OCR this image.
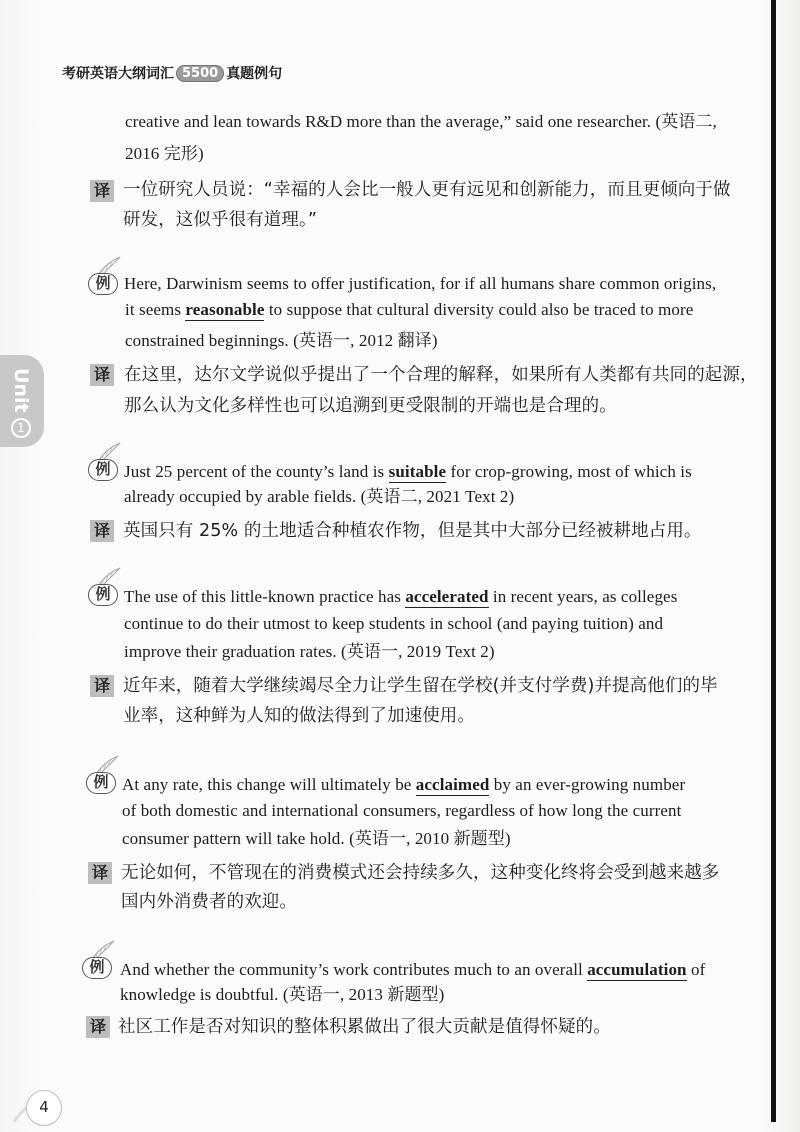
考研英语大纲词汇 5500 真题例句
Unit
1
creative and lean towards R&D more than the average,” said one researcher. (英语二,
2016 完形)
译 一位研究人员说：“幸福的人会比一般人更有远见和创新能力，而且更倾向于做
研发，这似乎很有道理。”
例 Here, Darwinism seems to offer justification, for if all humans share common origins,
it seems reasonable to suppose that cultural diversity could also be traced to more
constrained beginnings. (英语一, 2012 翻译)
译 在这里，达尔文学说似乎提出了一个合理的解释，如果所有人类都有共同的起源，
那么认为文化多样性也可以追溯到更受限制的开端也是合理的。
例 Just 25 percent of the county’s land is suitable for crop-growing, most of which is
already occupied by arable fields. (英语二, 2021 Text 2)
译 英国只有 25% 的土地适合种植农作物，但是其中大部分已经被耕地占用。
例 The use of this little-known practice has accelerated in recent years, as colleges
continue to do their utmost to keep students in school (and paying tuition) and
improve their graduation rates. (英语一, 2019 Text 2)
译 近年来，随着大学继续竭尽全力让学生留在学校(并支付学费)并提高他们的毕
业率，这种鲜为人知的做法得到了加速使用。
例 At any rate, this change will ultimately be acclaimed by an ever-growing number
of both domestic and international consumers, regardless of how long the current
consumer pattern will take hold. (英语一, 2010 新题型)
译 无论如何，不管现在的消费模式还会持续多久，这种变化终将会受到越来越多
国内外消费者的欢迎。
例 And whether the community’s work contributes much to an overall accumulation of
knowledge is doubtful. (英语一, 2013 新题型)
译 社区工作是否对知识的整体积累做出了很大贡献是值得怀疑的。
4
